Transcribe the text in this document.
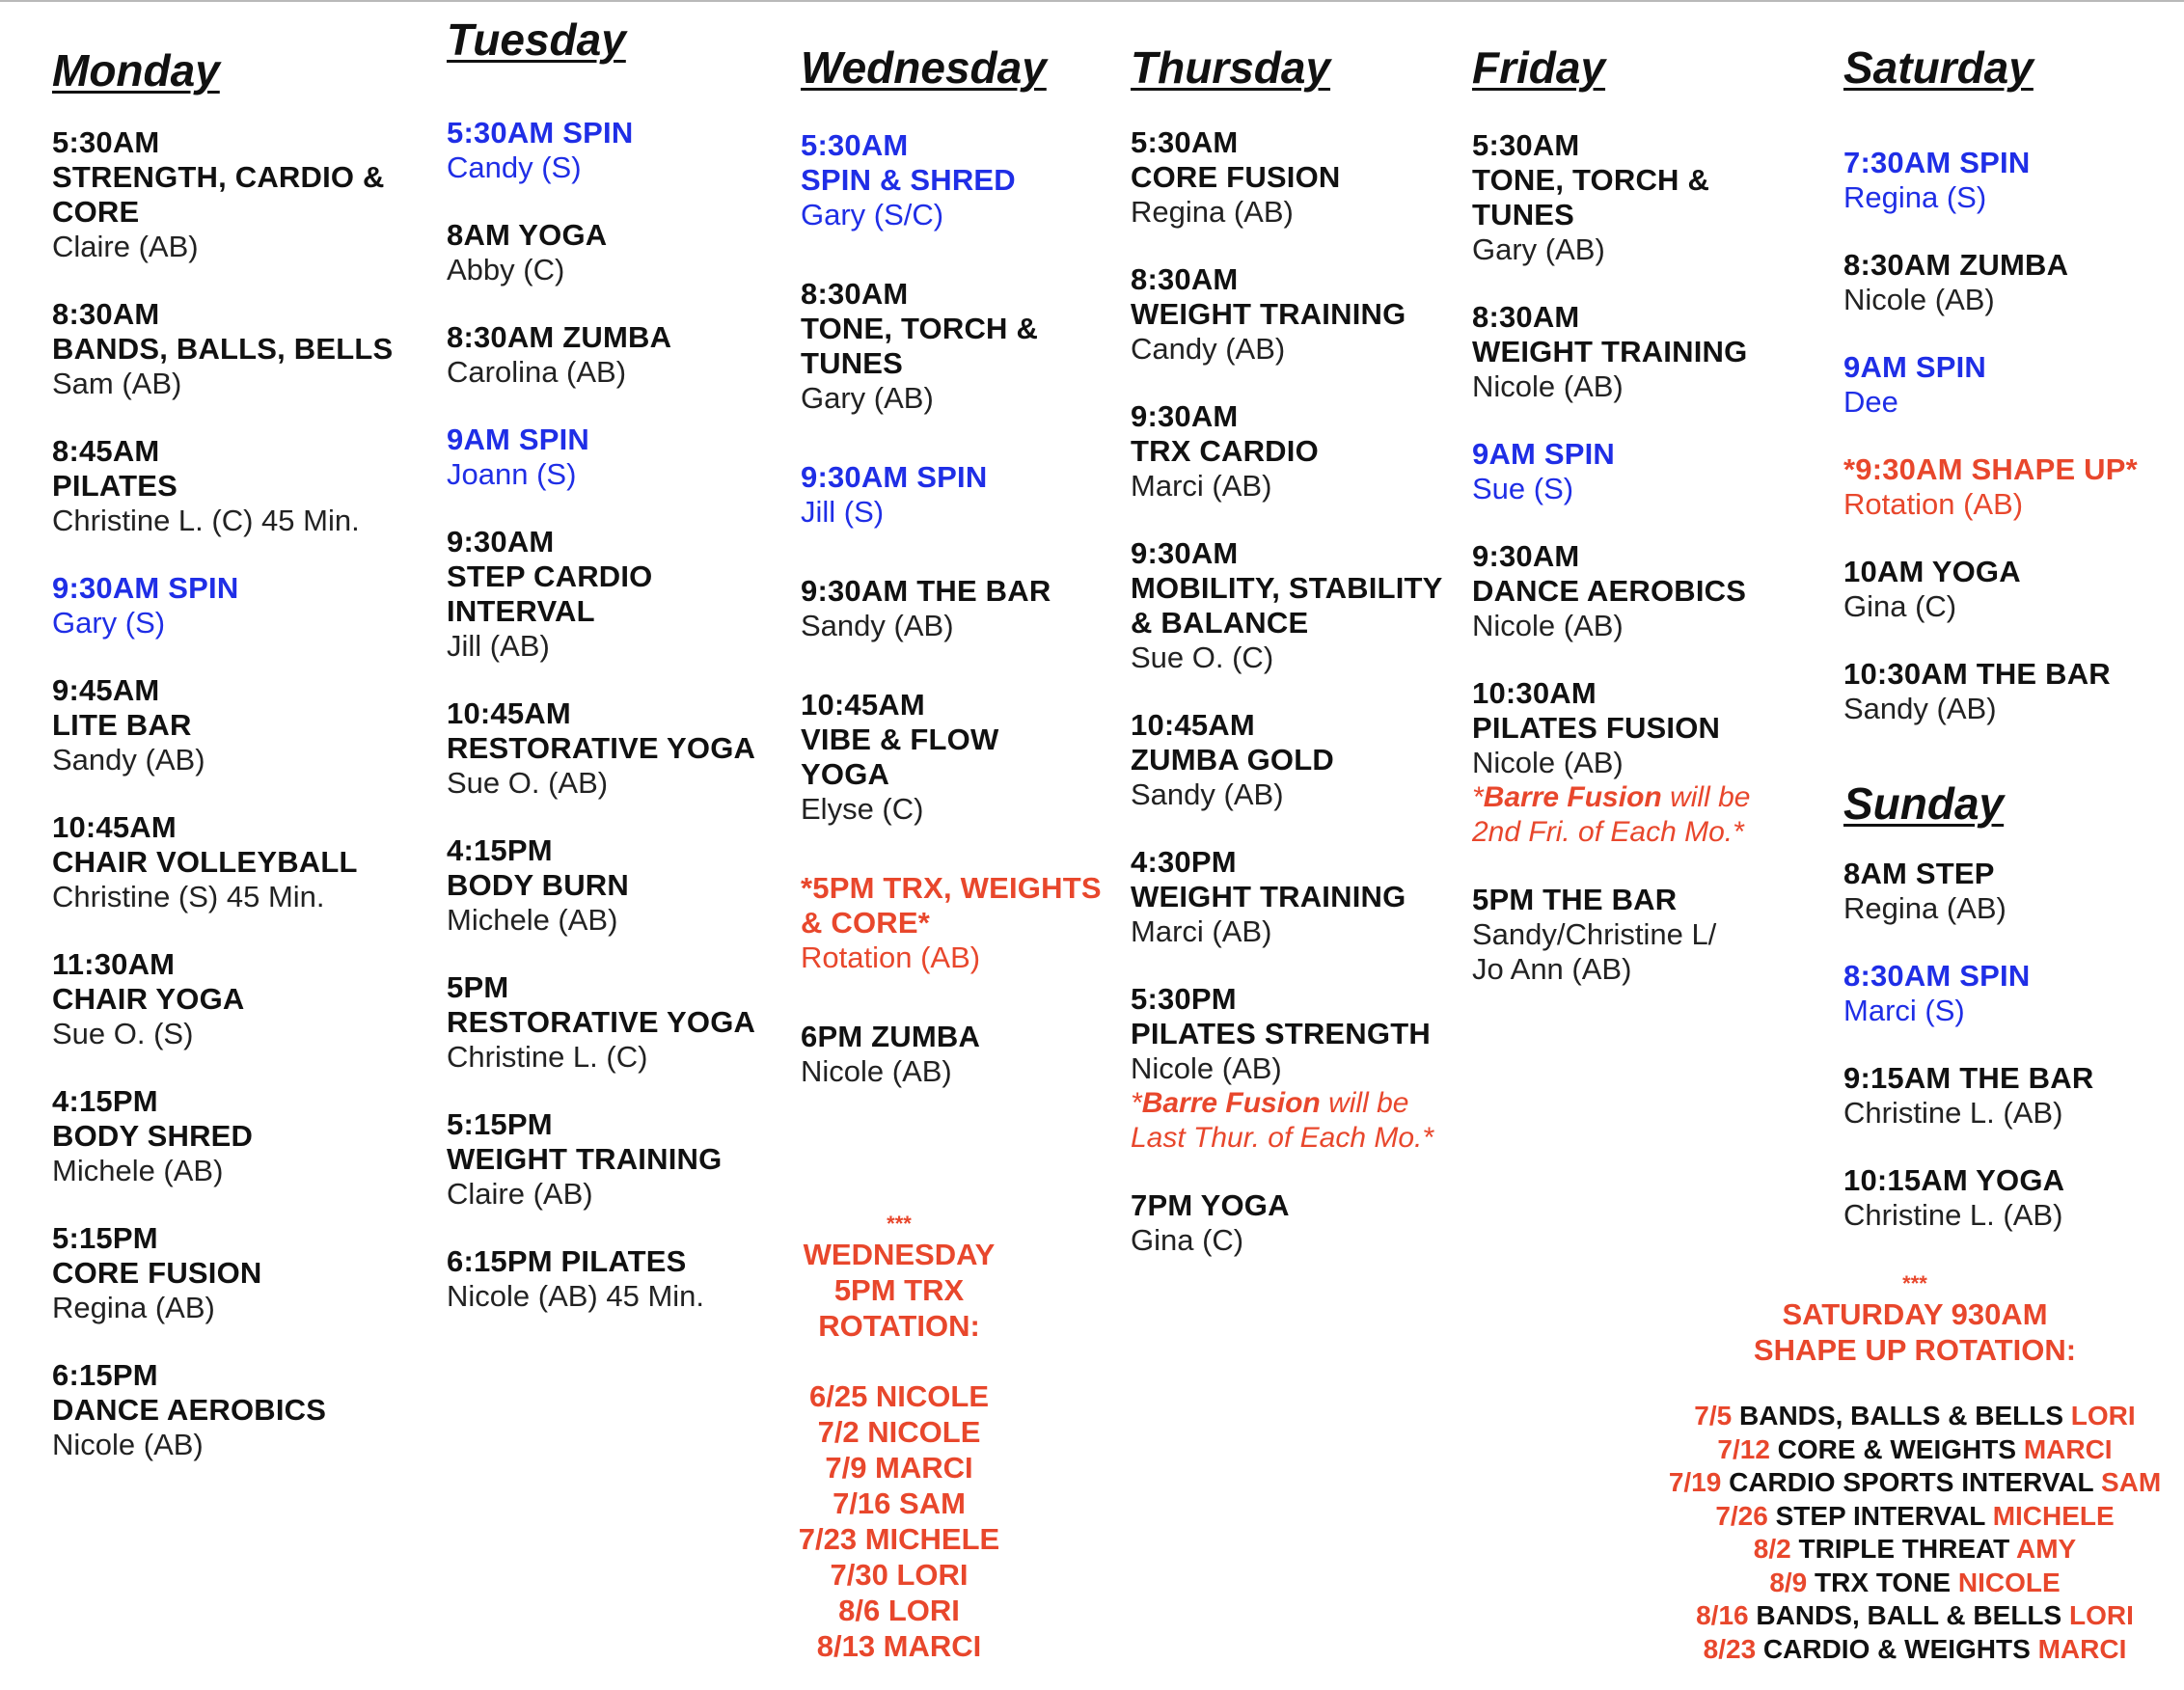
Monday
5:30AM
STRENGTH, CARDIO &
CORE
Claire (AB)
8:30AM
BANDS, BALLS, BELLS
Sam (AB)
8:45AM
PILATES
Christine L. (C) 45 Min.
9:30AM SPIN
Gary (S)
9:45AM
LITE BAR
Sandy (AB)
10:45AM
CHAIR VOLLEYBALL
Christine (S) 45 Min.
11:30AM
CHAIR YOGA
Sue O. (S)
4:15PM
BODY SHRED
Michele (AB)
5:15PM
CORE FUSION
Regina (AB)
6:15PM
DANCE AEROBICS
Nicole (AB)
Tuesday
5:30AM SPIN
Candy (S)
8AM YOGA
Abby (C)
8:30AM ZUMBA
Carolina (AB)
9AM SPIN
Joann (S)
9:30AM
STEP CARDIO
INTERVAL
Jill (AB)
10:45AM
RESTORATIVE YOGA
Sue O. (AB)
4:15PM
BODY BURN
Michele (AB)
5PM
RESTORATIVE YOGA
Christine L. (C)
5:15PM
WEIGHT TRAINING
Claire (AB)
6:15PM PILATES
Nicole (AB) 45 Min.
Wednesday
5:30AM
SPIN & SHRED
Gary (S/C)
8:30AM
TONE, TORCH &
TUNES
Gary (AB)
9:30AM SPIN
Jill (S)
9:30AM THE BAR
Sandy (AB)
10:45AM
VIBE & FLOW
YOGA
Elyse (C)
*5PM TRX, WEIGHTS
& CORE*
Rotation (AB)
6PM ZUMBA
Nicole (AB)
Thursday
5:30AM
CORE FUSION
Regina (AB)
8:30AM
WEIGHT TRAINING
Candy (AB)
9:30AM
TRX CARDIO
Marci (AB)
9:30AM
MOBILITY, STABILITY
& BALANCE
Sue O. (C)
10:45AM
ZUMBA GOLD
Sandy (AB)
4:30PM
WEIGHT TRAINING
Marci (AB)
5:30PM
PILATES STRENGTH
Nicole (AB)
*Barre Fusion will be
Last Thur. of Each Mo.*
7PM YOGA
Gina (C)
Friday
5:30AM
TONE, TORCH &
TUNES
Gary (AB)
8:30AM
WEIGHT TRAINING
Nicole (AB)
9AM SPIN
Sue (S)
9:30AM
DANCE AEROBICS
Nicole (AB)
10:30AM
PILATES FUSION
Nicole (AB)
*Barre Fusion will be
2nd Fri. of Each Mo.*
5PM THE BAR
Sandy/Christine L/
Jo Ann (AB)
Saturday
7:30AM SPIN
Regina (S)
8:30AM ZUMBA
Nicole (AB)
9AM SPIN
Dee
*9:30AM SHAPE UP*
Rotation (AB)
10AM YOGA
Gina (C)
10:30AM THE BAR
Sandy (AB)
Sunday
8AM STEP
Regina (AB)
8:30AM SPIN
Marci (S)
9:15AM THE BAR
Christine L. (AB)
10:15AM YOGA
Christine L. (AB)
***
WEDNESDAY
5PM TRX
ROTATION:
6/25 NICOLE
7/2 NICOLE
7/9 MARCI
7/16 SAM
7/23 MICHELE
7/30 LORI
8/6 LORI
8/13 MARCI
***
SATURDAY 930AM
SHAPE UP ROTATION:
7/5 BANDS, BALLS & BELLS LORI
7/12 CORE & WEIGHTS MARCI
7/19 CARDIO SPORTS INTERVAL SAM
7/26 STEP INTERVAL MICHELE
8/2 TRIPLE THREAT AMY
8/9 TRX TONE NICOLE
8/16 BANDS, BALL & BELLS LORI
8/23 CARDIO & WEIGHTS MARCI
